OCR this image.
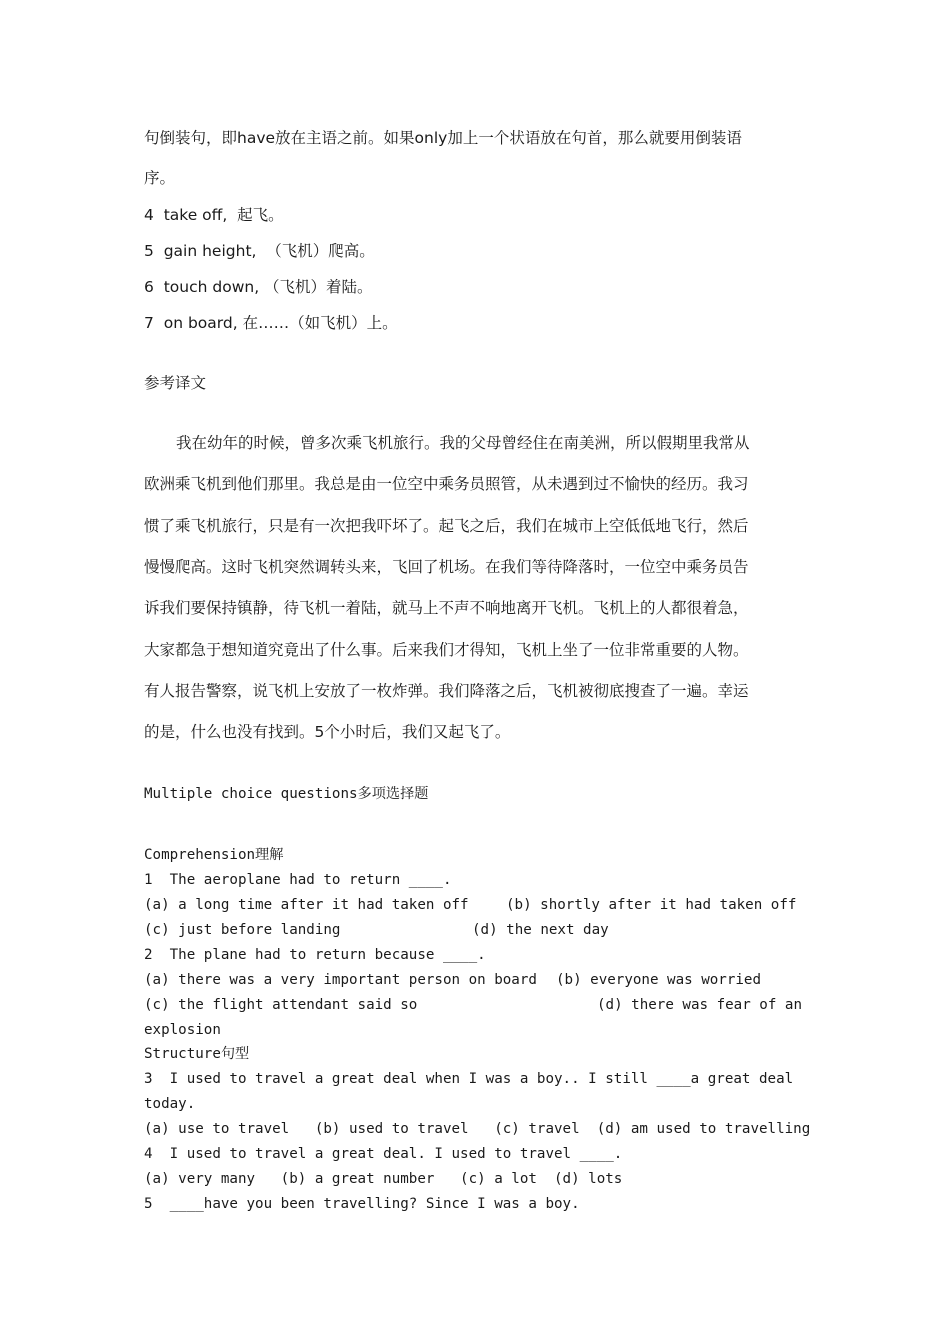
句倒装句，即have放在主语之前。如果only加上一个状语放在句首，那么就要用倒装语
序。
4  take off,  起飞。
5  gain height,  （飞机）爬高。
6  touch down, （飞机）着陆。
7  on board, 在……（如飞机）上。
参考译文
我在幼年的时候，曾多次乘飞机旅行。我的父母曾经住在南美洲，所以假期里我常从
欧洲乘飞机到他们那里。我总是由一位空中乘务员照管，从未遇到过不愉快的经历。我习
惯了乘飞机旅行，只是有一次把我吓坏了。起飞之后，我们在城市上空低低地飞行，然后
慢慢爬高。这时飞机突然调转头来，飞回了机场。在我们等待降落时，一位空中乘务员告
诉我们要保持镇静，待飞机一着陆，就马上不声不响地离开飞机。飞机上的人都很着急，
大家都急于想知道究竟出了什么事。后来我们才得知，飞机上坐了一位非常重要的人物。
有人报告警察，说飞机上安放了一枚炸弹。我们降落之后，飞机被彻底搜查了一遍。幸运
的是，什么也没有找到。5个小时后，我们又起飞了。
Multiple choice questions多项选择题
Comprehension理解
1  The aeroplane had to return ____.
(a) a long time after it had taken off	(b) shortly after it had taken off
(c) just before landing	(d) the next day
2  The plane had to return because ____.
(a) there was a very important person on board (b) everyone was worried
(c) the flight attendant said so	(d) there was fear of an
explosion
Structure句型
3  I used to travel a great deal when I was a boy.. I still ____a great deal
today.
(a) use to travel   (b) used to travel   (c) travel  (d) am used to travelling
4  I used to travel a great deal. I used to travel ____.
(a) very many   (b) a great number   (c) a lot  (d) lots
5  ____have you been travelling? Since I was a boy.
